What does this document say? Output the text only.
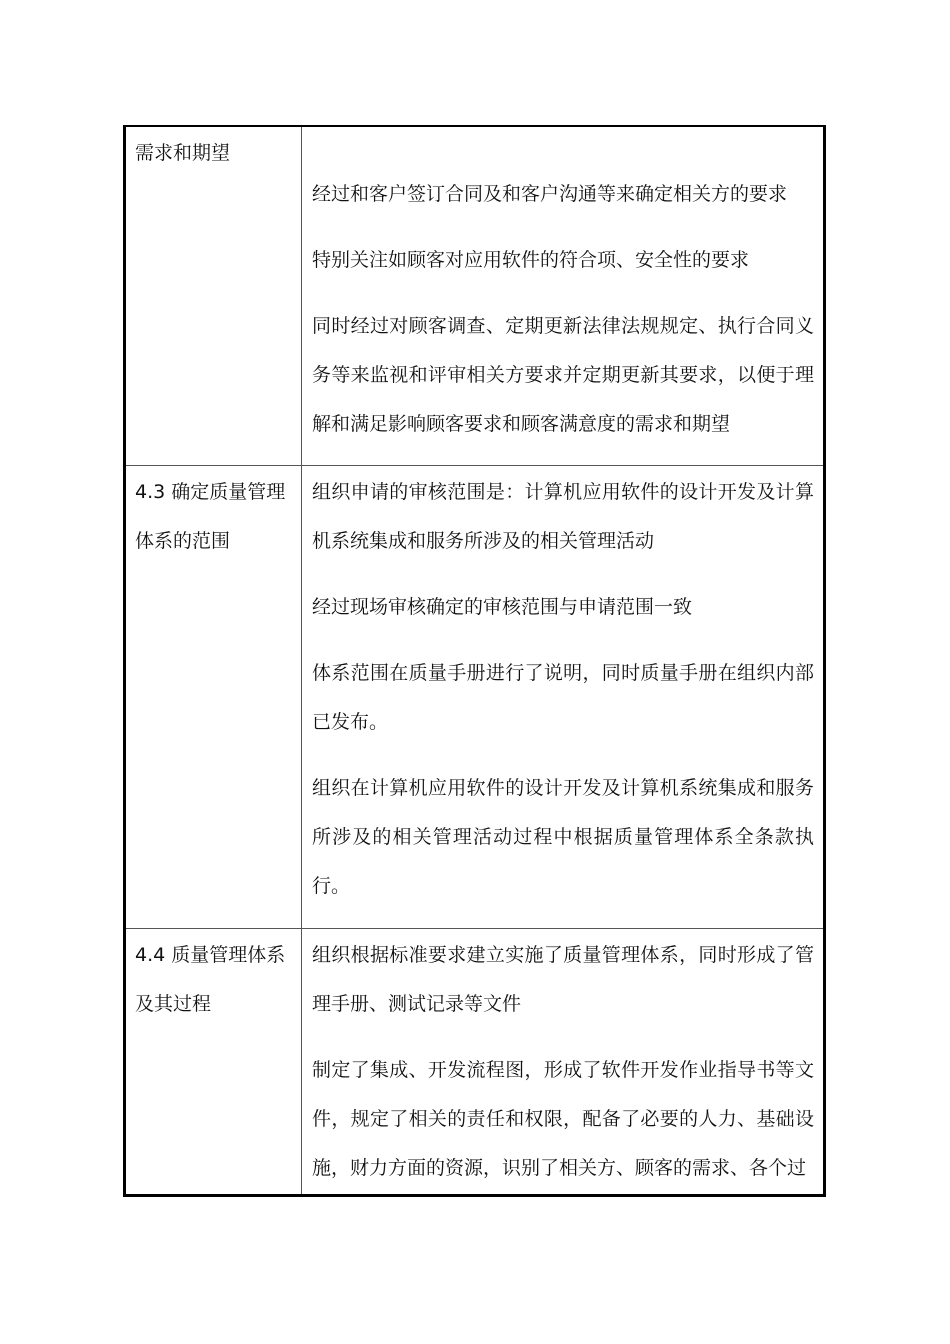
需求和期望	经过和客户签订合同及和客户沟通等来确定相关方的要求
特别关注如顾客对应用软件的符合项、安全性的要求
同时经过对顾客调查、定期更新法律法规规定、执行合同义务等来监视和评审相关方要求并定期更新其要求，以便于理解和满足影响顾客要求和顾客满意度的需求和期望

4.3 确定质量管理体系的范围	组织申请的审核范围是：计算机应用软件的设计开发及计算机系统集成和服务所涉及的相关管理活动
经过现场审核确定的审核范围与申请范围一致
体系范围在质量手册进行了说明，同时质量手册在组织内部已发布。
组织在计算机应用软件的设计开发及计算机系统集成和服务所涉及的相关管理活动过程中根据质量管理体系全条款执行。

4.4 质量管理体系及其过程	组织根据标准要求建立实施了质量管理体系，同时形成了管理手册、测试记录等文件
制定了集成、开发流程图，形成了软件开发作业指导书等文件，规定了相关的责任和权限，配备了必要的人力、基础设施，财力方面的资源，识别了相关方、顾客的需求、各个过
